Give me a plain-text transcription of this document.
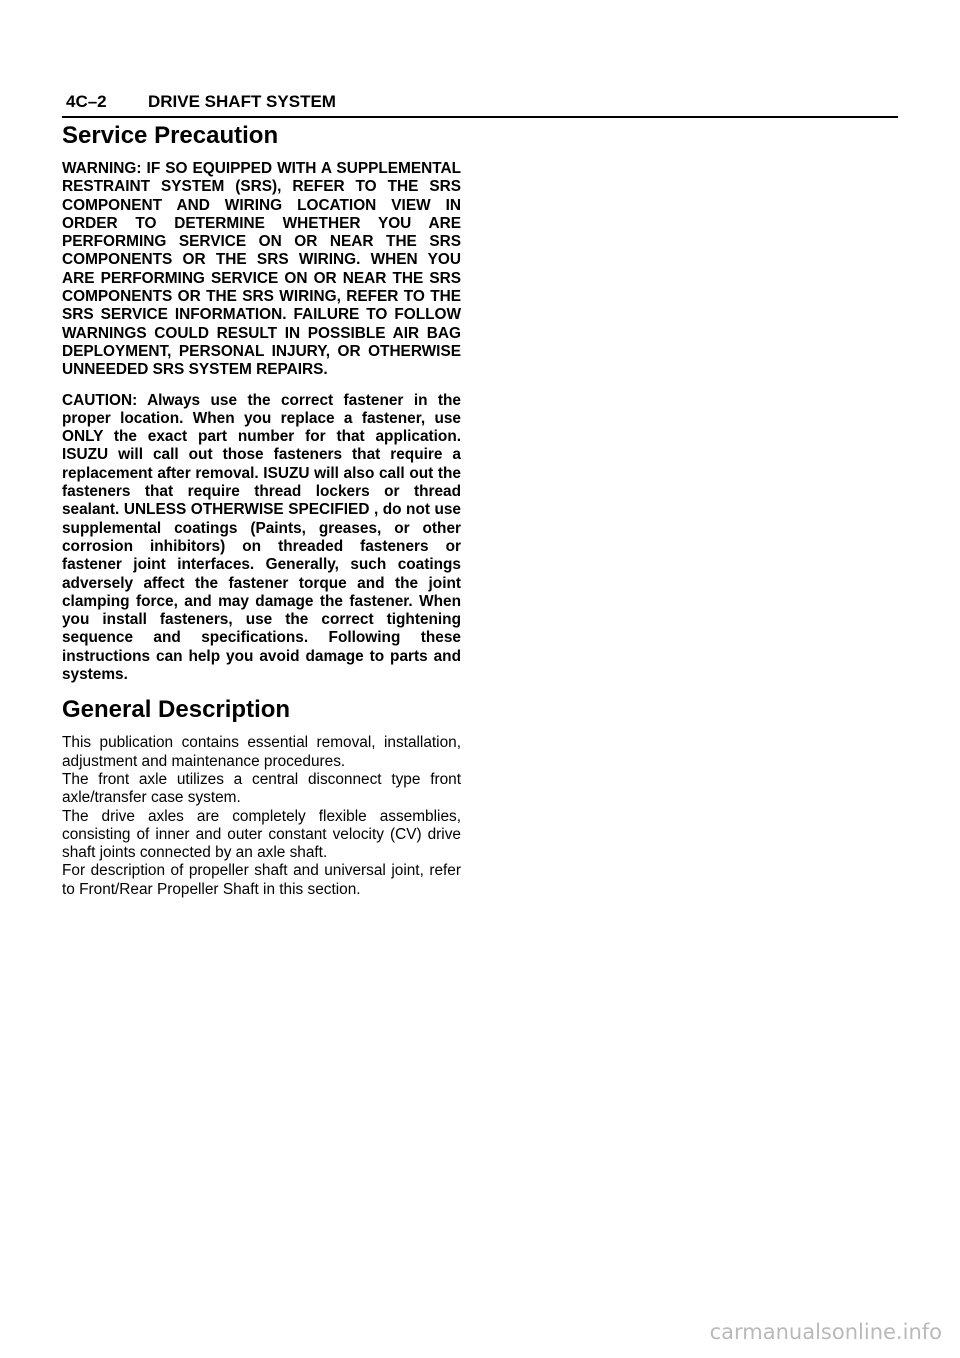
4C–2 DRIVE SHAFT SYSTEM
Service Precaution

WARNING: IF SO EQUIPPED WITH A SUPPLEMENTAL RESTRAINT SYSTEM (SRS), REFER TO THE SRS COMPONENT AND WIRING LOCATION VIEW IN ORDER TO DETERMINE WHETHER YOU ARE PERFORMING SERVICE ON OR NEAR THE SRS COMPONENTS OR THE SRS WIRING. WHEN YOU ARE PERFORMING SERVICE ON OR NEAR THE SRS COMPONENTS OR THE SRS WIRING, REFER TO THE SRS SERVICE INFORMATION. FAILURE TO FOLLOW WARNINGS COULD RESULT IN POSSIBLE AIR BAG DEPLOYMENT, PERSONAL INJURY, OR OTHERWISE UNNEEDED SRS SYSTEM REPAIRS.

CAUTION: Always use the correct fastener in the proper location. When you replace a fastener, use ONLY the exact part number for that application. ISUZU will call out those fasteners that require a replacement after removal. ISUZU will also call out the fasteners that require thread lockers or thread sealant. UNLESS OTHERWISE SPECIFIED , do not use supplemental coatings (Paints, greases, or other corrosion inhibitors) on threaded fasteners or fastener joint interfaces. Generally, such coatings adversely affect the fastener torque and the joint clamping force, and may damage the fastener. When you install fasteners, use the correct tightening sequence and specifications. Following these instructions can help you avoid damage to parts and systems.

General Description

This publication contains essential removal, installation, adjustment and maintenance procedures.

The front axle utilizes a central disconnect type front axle/transfer case system.

The drive axles are completely flexible assemblies, consisting of inner and outer constant velocity (CV) drive shaft joints connected by an axle shaft.

For description of propeller shaft and universal joint, refer to Front/Rear Propeller Shaft in this section.

carmanualsonline.info
